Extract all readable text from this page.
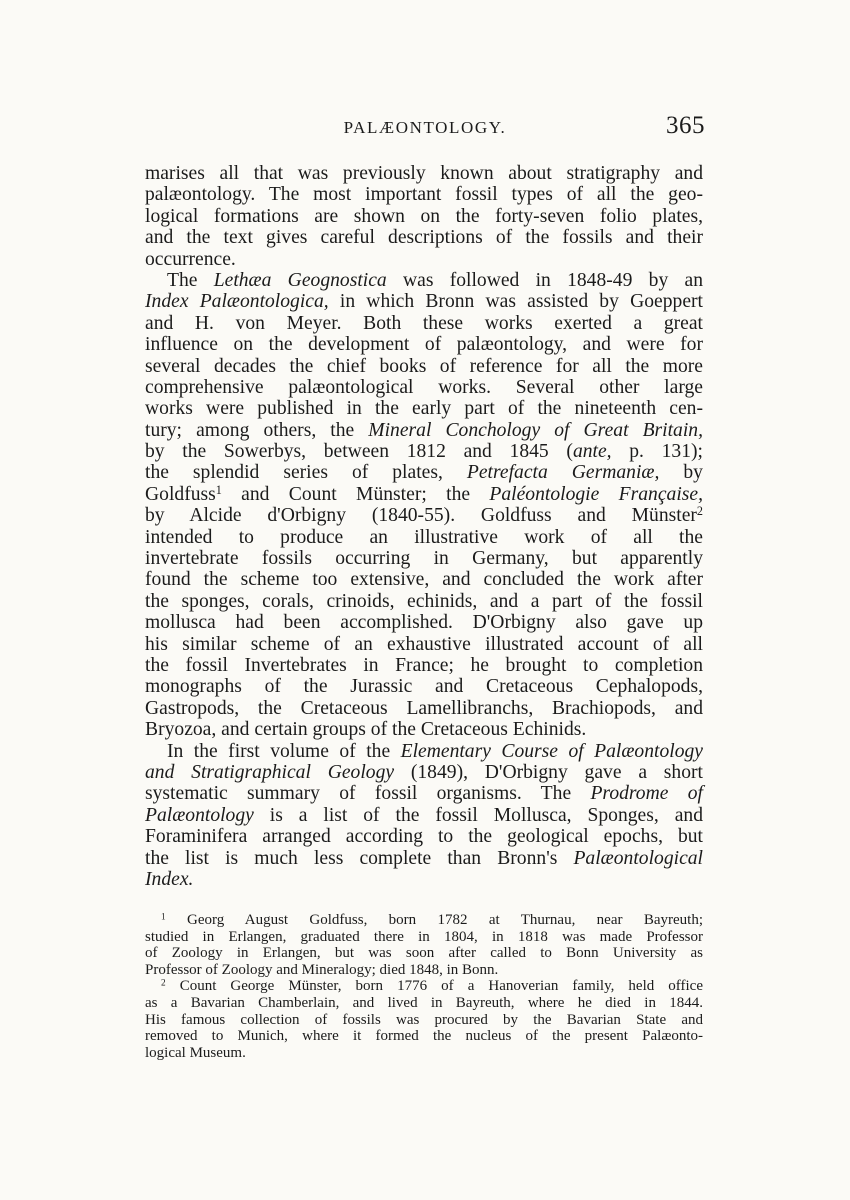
PALÆONTOLOGY.	365
marises all that was previously known about stratigraphy and
palæontology. The most important fossil types of all the geo-
logical formations are shown on the forty-seven folio plates,
and the text gives careful descriptions of the fossils and their
occurrence.
The Lethæa Geognostica was followed in 1848-49 by an
Index Palæontologica, in which Bronn was assisted by Goeppert
and H. von Meyer. Both these works exerted a great
influence on the development of palæontology, and were for
several decades the chief books of reference for all the more
comprehensive palæontological works. Several other large
works were published in the early part of the nineteenth cen-
tury; among others, the Mineral Conchology of Great Britain,
by the Sowerbys, between 1812 and 1845 (ante, p. 131);
the splendid series of plates, Petrefacta Germaniæ, by
Goldfuss$^1$ and Count Münster; the Paléontologie Française,
by Alcide d'Orbigny (1840-55). Goldfuss and Münster$^2$
intended to produce an illustrative work of all the
invertebrate fossils occurring in Germany, but apparently
found the scheme too extensive, and concluded the work after
the sponges, corals, crinoids, echinids, and a part of the fossil
mollusca had been accomplished. D'Orbigny also gave up
his similar scheme of an exhaustive illustrated account of all
the fossil Invertebrates in France; he brought to completion
monographs of the Jurassic and Cretaceous Cephalopods,
Gastropods, the Cretaceous Lamellibranchs, Brachiopods, and
Bryozoa, and certain groups of the Cretaceous Echinids.
In the first volume of the Elementary Course of Palæontology
and Stratigraphical Geology (1849), D'Orbigny gave a short
systematic summary of fossil organisms. The Prodrome of
Palæontology is a list of the fossil Mollusca, Sponges, and
Foraminifera arranged according to the geological epochs, but
the list is much less complete than Bronn's Palæontological
Index.
$^1$ Georg August Goldfuss, born 1782 at Thurnau, near Bayreuth;
studied in Erlangen, graduated there in 1804, in 1818 was made Professor
of Zoology in Erlangen, but was soon after called to Bonn University as
Professor of Zoology and Mineralogy; died 1848, in Bonn.
$^2$ Count George Münster, born 1776 of a Hanoverian family, held office
as a Bavarian Chamberlain, and lived in Bayreuth, where he died in 1844.
His famous collection of fossils was procured by the Bavarian State and
removed to Munich, where it formed the nucleus of the present Palæonto-
logical Museum.
